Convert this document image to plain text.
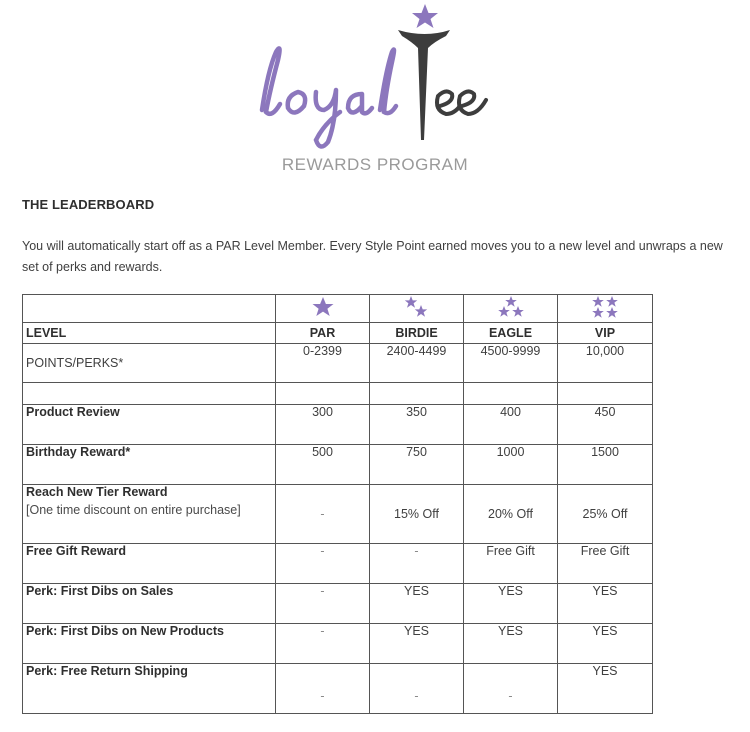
REWARDS PROGRAM
THE LEADERBOARD
You will automatically start off as a PAR Level Member. Every Style Point earned moves you to a new level and unwraps a new set of perks and rewards.

LEVEL	PAR	BIRDIE	EAGLE	VIP
POINTS/PERKS*	0-2399	2400-4499	4500-9999	10,000

Product Review	300	350	400	450
Birthday Reward*	500	750	1000	1500
Reach New Tier Reward
[One time discount on entire purchase]	-	15% Off	20% Off	25% Off
Free Gift Reward	-	-	Free Gift	Free Gift
Perk: First Dibs on Sales	-	YES	YES	YES
Perk: First Dibs on New Products	-	YES	YES	YES
Perk: Free Return Shipping	-	-	-	YES
